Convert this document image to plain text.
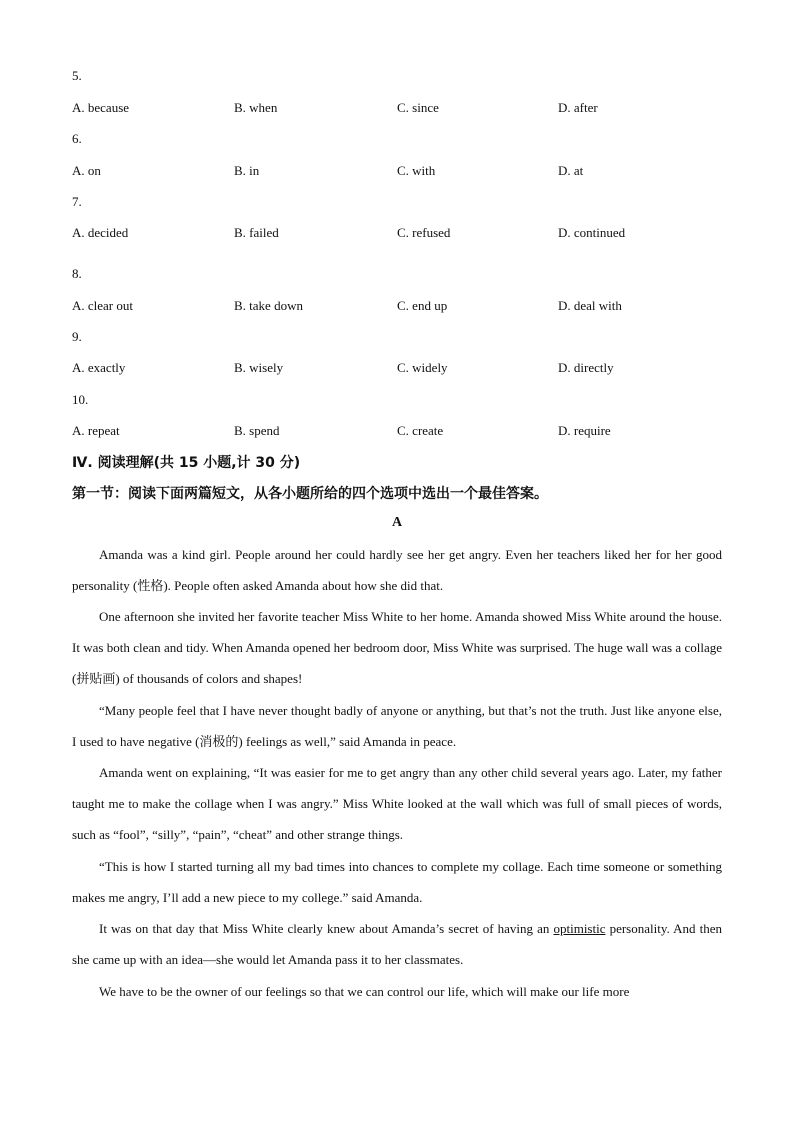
5.
A. because	B. when	C. since	D. after
6.
A. on	B. in	C. with	D. at
7.
A. decided	B. failed	C. refused	D. continued
8.
A. clear out	B. take down	C. end up	D. deal with
9.
A. exactly	B. wisely	C. widely	D. directly
10.
A. repeat	B. spend	C. create	D. require
Ⅳ. 阅读理解(共 15 小题,计 30 分)
第一节：阅读下面两篇短文，从各小题所给的四个选项中选出一个最佳答案。
A
Amanda was a kind girl. People around her could hardly see her get angry. Even her teachers liked her for her good personality (性格). People often asked Amanda about how she did that.
One afternoon she invited her favorite teacher Miss White to her home. Amanda showed Miss White around the house. It was both clean and tidy. When Amanda opened her bedroom door, Miss White was surprised. The huge wall was a collage (拼贴画) of thousands of colors and shapes!
“Many people feel that I have never thought badly of anyone or anything, but that’s not the truth. Just like anyone else, I used to have negative (消极的) feelings as well,” said Amanda in peace.
Amanda went on explaining, “It was easier for me to get angry than any other child several years ago. Later, my father taught me to make the collage when I was angry.” Miss White looked at the wall which was full of small pieces of words, such as “fool”, “silly”, “pain”, “cheat” and other strange things.
“This is how I started turning all my bad times into chances to complete my collage. Each time someone or something makes me angry, I’ll add a new piece to my college.” said Amanda.
It was on that day that Miss White clearly knew about Amanda’s secret of having an optimistic personality. And then she came up with an idea—she would let Amanda pass it to her classmates.
We have to be the owner of our feelings so that we can control our life, which will make our life more
